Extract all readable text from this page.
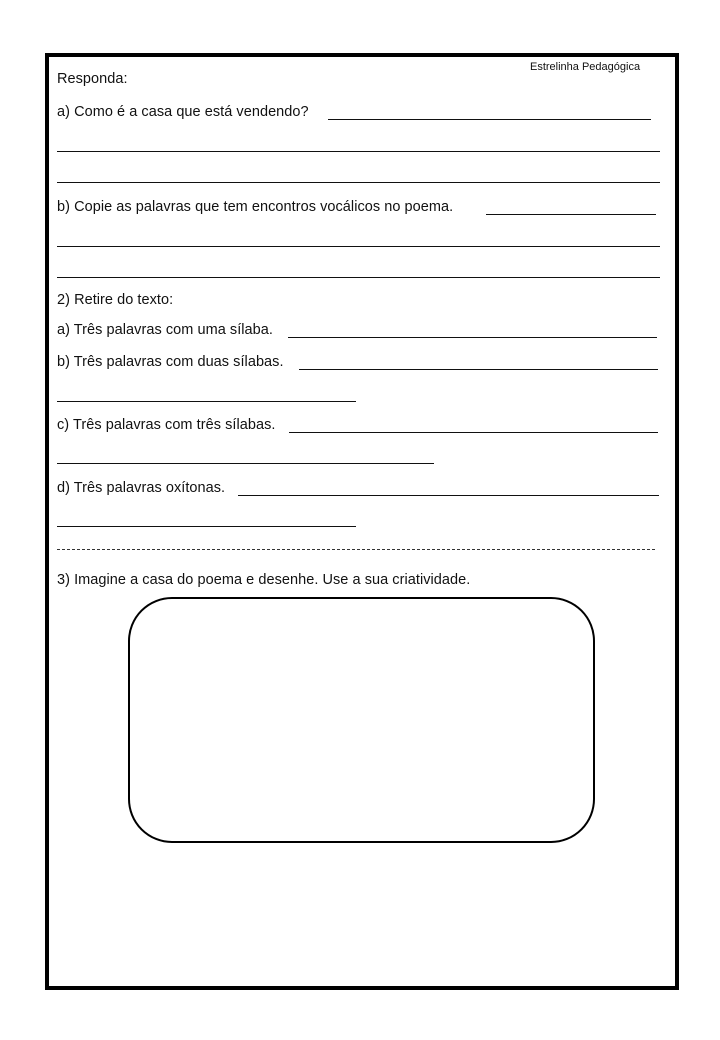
Estrelinha Pedagógica
Responda:
a) Como é a casa que está vendendo?
b) Copie as palavras que tem encontros vocálicos no poema.
2) Retire do texto:
a) Três palavras com uma sílaba.
b) Três palavras com duas sílabas.
c) Três palavras com três sílabas.
d) Três palavras oxítonas.
3) Imagine a casa do poema e desenhe. Use a sua criatividade.
